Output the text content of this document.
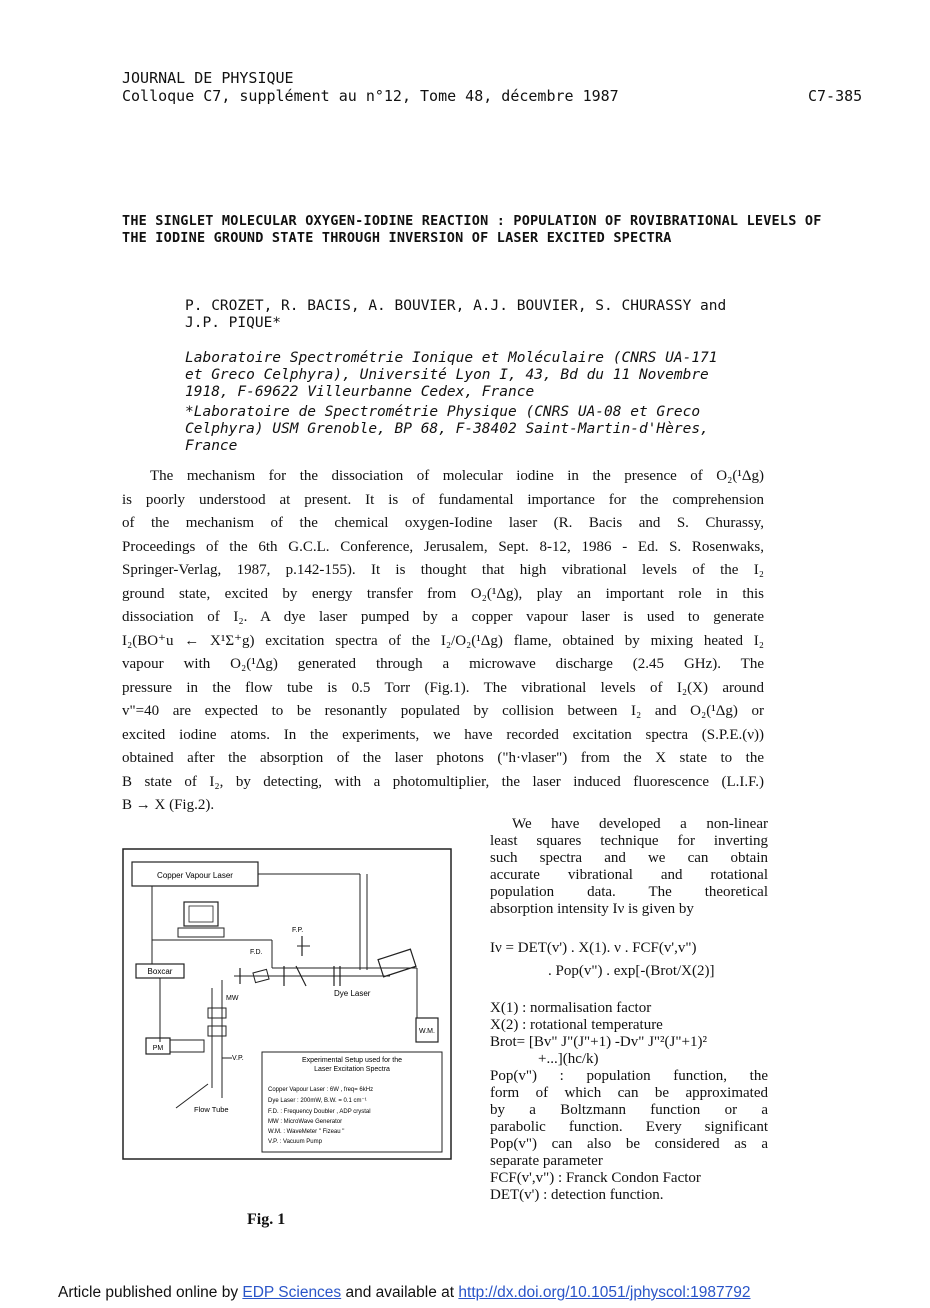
JOURNAL DE PHYSIQUE
Colloque C7, supplément au n°12, Tome 48, décembre 1987	C7-385
THE SINGLET MOLECULAR OXYGEN-IODINE REACTION : POPULATION OF ROVIBRATIONAL LEVELS OF THE IODINE GROUND STATE THROUGH INVERSION OF LASER EXCITED SPECTRA
P. CROZET, R. BACIS, A. BOUVIER, A.J. BOUVIER, S. CHURASSY and
J.P. PIQUE*
Laboratoire Spectrométrie Ionique et Moléculaire (CNRS UA-171
et Greco Celphyra), Université Lyon I, 43, Bd du 11 Novembre
1918, F-69622 Villeurbanne Cedex, France
*Laboratoire de Spectrométrie Physique (CNRS UA-08 et Greco
Celphyra) USM Grenoble, BP 68, F-38402 Saint-Martin-d'Hères,
France
The mechanism for the dissociation of molecular iodine in the presence of O₂(¹Δg)
is poorly understood at present. It is of fundamental importance for the comprehension
of the mechanism of the chemical oxygen-Iodine laser (R. Bacis and S. Churassy,
Proceedings of the 6th G.C.L. Conference, Jerusalem, Sept. 8-12, 1986 - Ed. S. Rosenwaks,
Springer-Verlag, 1987, p.142-155). It is thought that high vibrational levels of the I₂
ground state, excited by energy transfer from O₂(¹Δg), play an important role in this
dissociation of I₂. A dye laser pumped by a copper vapour laser is used to generate
I₂(BO⁺u ← X¹Σ⁺g) excitation spectra of the I₂/O₂(¹Δg) flame, obtained by mixing heated I₂
vapour with O₂(¹Δg) generated through a microwave discharge (2.45 GHz). The
pressure in the flow tube is 0.5 Torr (Fig.1). The vibrational levels of I₂(X) around
v"=40 are expected to be resonantly populated by collision between I₂ and O₂(¹Δg) or
excited iodine atoms. In the experiments, we have recorded excitation spectra (S.P.E.(ν))
obtained after the absorption of the laser photons ("h·νlaser") from the X state to the
B state of I₂, by detecting, with a photomultiplier, the laser induced fluorescence (L.I.F.)
B → X (Fig.2).
We have developed a non-linear
least squares technique for inverting
such spectra and we can obtain
accurate vibrational and rotational
population data. The theoretical
absorption intensity Iν is given by
Iν = DET(v') . X(1). ν . FCF(v',v")
. Pop(v") . exp[-(Brot/X(2)]
X(1) : normalisation factor
X(2) : rotational temperature
Brot= [Bv" J"(J"+1) -Dv" J"²(J"+1)²
+...](hc/k)
Pop(v") : population function, the
form of which can be approximated
by a Boltzmann function or a
parabolic function. Every significant
Pop(v") can also be considered as a
separate parameter
FCF(v',v") : Franck Condon Factor
DET(v') : detection function.
Copper Vapour Laser
F.P.
F.D.
Boxcar
Dye Laser
W.M.
MW
PM
V.P.
Flow Tube
Experimental Setup used for the
Laser Excitation Spectra
Copper Vapour Laser : 6W , freq= 6kHz
Dye Laser : 200mW, B.W. = 0.1 cm⁻¹
F.D. : Frequency Doubler , ADP crystal
MW : MicroWave Generator
W.M. : WaveMeter " Fizeau "
V.P. : Vacuum Pump
Fig. 1
Article published online by EDP Sciences and available at http://dx.doi.org/10.1051/jphyscol:1987792
